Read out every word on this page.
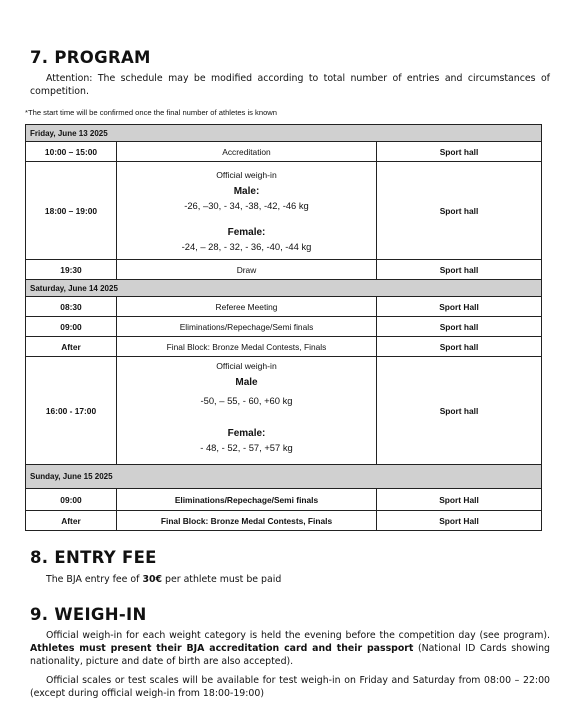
7. PROGRAM
Attention: The schedule may be modified according to total number of entries and circumstances of competition.
*The start time will be confirmed once the final number of athletes is known
Friday, June 13 2025		
10:00 – 15:00	Accreditation	Sport hall
18:00 – 19:00	Official weigh-in
Male:
-26, –30, - 34, -38, -42, -46 kg
Female:
-24, – 28, - 32, - 36, -40, -44 kg	Sport hall
19:30	Draw	Sport hall
Saturday, June 14 2025		
08:30	Referee Meeting	Sport Hall
09:00	Eliminations/Repechage/Semi finals	Sport hall
After	Final Block: Bronze Medal Contests, Finals	Sport hall
16:00 - 17:00	Official weigh-in
Male
-50, – 55, - 60, +60 kg
Female:
- 48, - 52, - 57, +57 kg	Sport hall
Sunday, June 15 2025		
09:00	Eliminations/Repechage/Semi finals	Sport Hall
After	Final Block: Bronze Medal Contests, Finals	Sport Hall
8. ENTRY FEE
The BJA entry fee of 30€ per athlete must be paid
9. WEIGH-IN
Official weigh-in for each weight category is held the evening before the competition day (see program). Athletes must present their BJA accreditation card and their passport (National ID Cards showing nationality, picture and date of birth are also accepted).
Official scales or test scales will be available for test weigh-in on Friday and Saturday from 08:00 – 22:00 (except during official weigh-in from 18:00-19:00)
